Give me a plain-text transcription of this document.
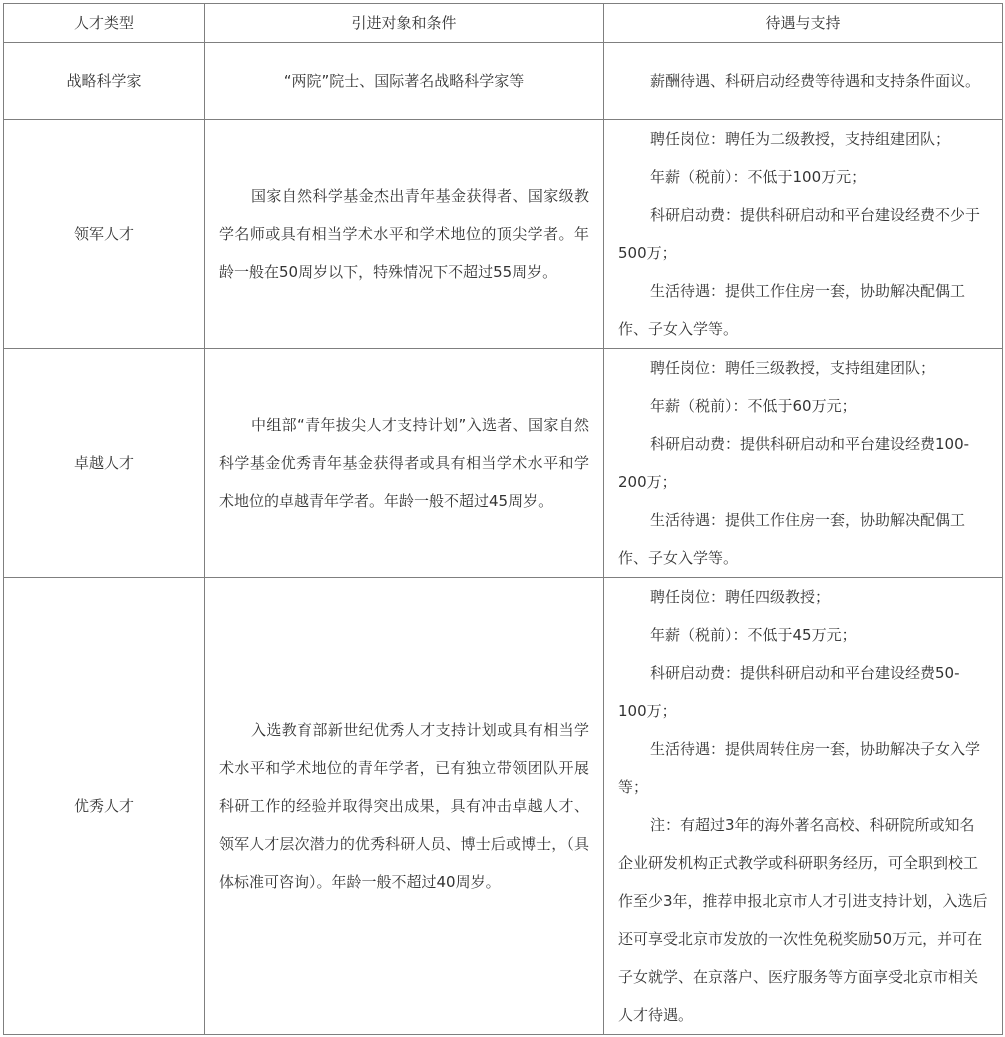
人才类型	引进对象和条件	待遇与支持
战略科学家	“两院”院士、国际著名战略科学家等	薪酬待遇、科研启动经费等待遇和支持条件面议。

领军人才	国家自然科学基金杰出青年基金获得者、国家级教学名师或具有相当学术水平和学术地位的顶尖学者。年龄一般在50周岁以下，特殊情况下不超过55周岁。	聘任岗位：聘任为二级教授，支持组建团队；

年薪（税前）：不低于100万元；

科研启动费：提供科研启动和平台建设经费不少于500万；

生活待遇：提供工作住房一套，协助解决配偶工作、子女入学等。

卓越人才	中组部“青年拔尖人才支持计划”入选者、国家自然科学基金优秀青年基金获得者或具有相当学术水平和学术地位的卓越青年学者。年龄一般不超过45周岁。	聘任岗位：聘任三级教授，支持组建团队；

年薪（税前）：不低于60万元；

科研启动费：提供科研启动和平台建设经费100-200万；

生活待遇：提供工作住房一套，协助解决配偶工作、子女入学等。

优秀人才	入选教育部新世纪优秀人才支持计划或具有相当学术水平和学术地位的青年学者，已有独立带领团队开展科研工作的经验并取得突出成果，具有冲击卓越人才、领军人才层次潜力的优秀科研人员、博士后或博士，（具体标准可咨询）。年龄一般不超过40周岁。	聘任岗位：聘任四级教授；

年薪（税前）：不低于45万元；

科研启动费：提供科研启动和平台建设经费50-100万；

生活待遇：提供周转住房一套，协助解决子女入学等；

注：有超过3年的海外著名高校、科研院所或知名企业研发机构正式教学或科研职务经历，可全职到校工作至少3年，推荐申报北京市人才引进支持计划，入选后还可享受北京市发放的一次性免税奖励50万元，并可在子女就学、在京落户、医疗服务等方面享受北京市相关人才待遇。
